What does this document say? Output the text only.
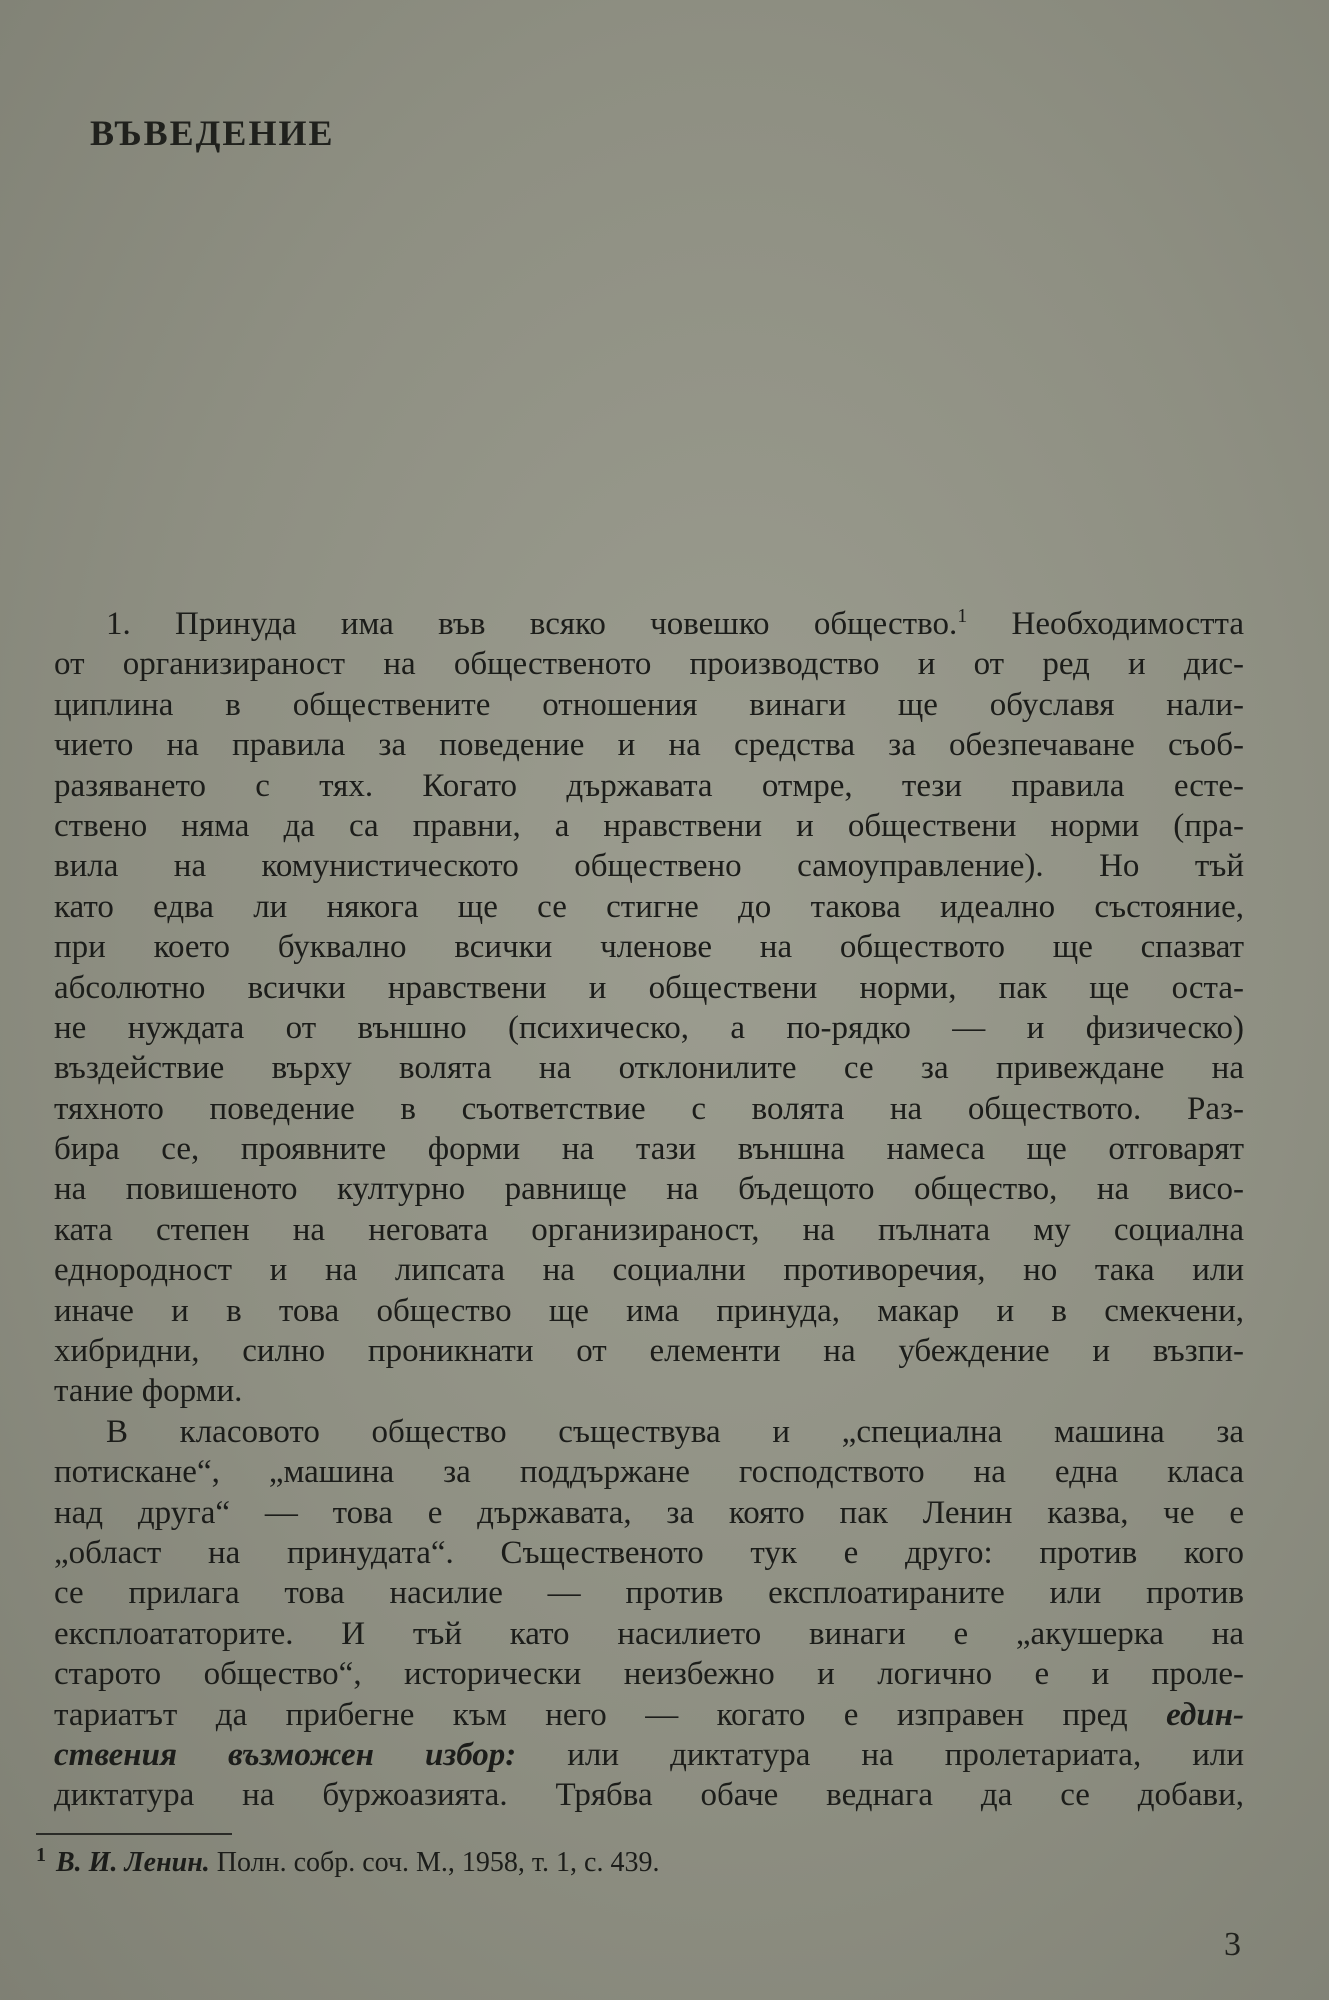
ВЪВЕДЕНИЕ
1. Принуда има във всяко човешко общество.$^1$ Необходимостта
от организираност на общественото производство и от ред и дис-
циплина в обществените отношения винаги ще обуславя нали-
чието на правила за поведение и на средства за обезпечаване съоб-
разяването с тях. Когато държавата отмре, тези правила есте-
ствено няма да са правни, а нравствени и обществени норми (пра-
вила на комунистическото обществено самоуправление). Но тъй
като едва ли някога ще се стигне до такова идеално състояние,
при което буквално всички членове на обществото ще спазват
абсолютно всички нравствени и обществени норми, пак ще оста-
не нуждата от външно (психическо, а по-рядко — и физическо)
въздействие върху волята на отклонилите се за привеждане на
тяхното поведение в съответствие с волята на обществото. Раз-
бира се, проявните форми на тази външна намеса ще отговарят
на повишеното културно равнище на бъдещото общество, на висо-
ката степен на неговата организираност, на пълната му социална
еднородност и на липсата на социални противоречия, но така или
иначе и в това общество ще има принуда, макар и в смекчени,
хибридни, силно проникнати от елементи на убеждение и възпи-
тание форми.
В класовото общество съществува и „специална машина за
потискане“, „машина за поддържане господството на една класа
над друга“ — това е държавата, за която пак Ленин казва, че е
„област на принудата“. Същественото тук е друго: против кого
се прилага това насилие — против експлоатираните или против
експлоататорите. И тъй като насилието винаги е „акушерка на
старото общество“, исторически неизбежно и логично е и проле-
тариатът да прибегне към него — когато е изправен пред един-
ствения възможен избор: или диктатура на пролетариата, или
диктатура на буржоазията. Трябва обаче веднага да се добави,
$^1$ В. И. Ленин. Полн. собр. соч. М., 1958, т. 1, с. 439.
3
